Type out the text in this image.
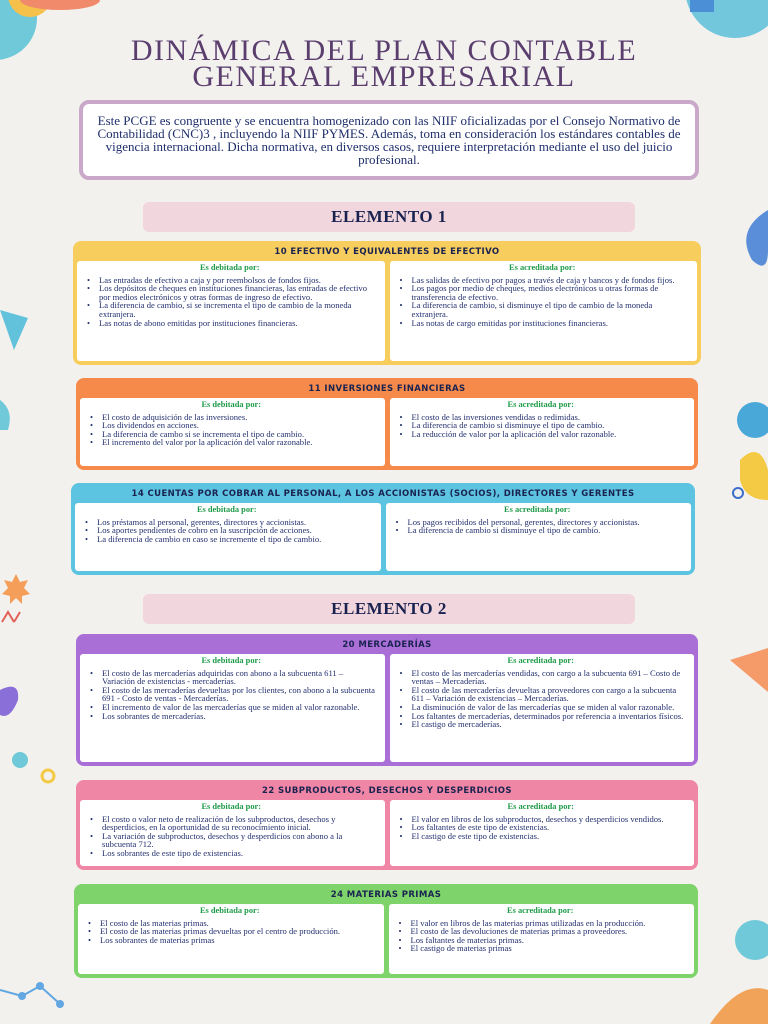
DINÁMICA DEL PLAN CONTABLE
GENERAL EMPRESARIAL

Este PCGE es congruente y se encuentra homogenizado con las NIIF oficializadas por el Consejo Normativo de Contabilidad (CNC)3 , incluyendo la NIIF PYMES. Además, toma en consideración los estándares contables de vigencia internacional. Dicha normativa, en diversos casos, requiere interpretación mediante el uso del juicio profesional.

ELEMENTO 1
ELEMENTO 2
10 EFECTIVO Y EQUIVALENTES DE EFECTIVO
Es debitada por:
• Las entradas de efectivo a caja y por reembolsos de fondos fijos.
• Los depósitos de cheques en instituciones financieras, las entradas de efectivo por medios electrónicos y otras formas de ingreso de efectivo.
• La diferencia de cambio, si se incrementa el tipo de cambio de la moneda extranjera.
• Las notas de abono emitidas por instituciones financieras.
Es acreditada por:
• Las salidas de efectivo por pagos a través de caja y bancos y de fondos fijos.
• Los pagos por medio de cheques, medios electrónicos u otras formas de transferencia de efectivo.
• La diferencia de cambio, si disminuye el tipo de cambio de la moneda extranjera.
• Las notas de cargo emitidas por instituciones financieras.
11 INVERSIONES FINANCIERAS
Es debitada por:
• El costo de adquisición de las inversiones.
• Los dividendos en acciones.
• La diferencia de cambo si se incrementa el tipo de cambio.
• El incremento del valor por la aplicación del valor razonable.
Es acreditada por:
• El costo de las inversiones vendidas o redimidas.
• La diferencia de cambio si disminuye el tipo de cambio.
• La reducción de valor por la aplicación del valor razonable.
14 CUENTAS POR COBRAR AL PERSONAL, A LOS ACCIONISTAS (SOCIOS), DIRECTORES Y GERENTES
Es debitada por:
• Los préstamos al personal, gerentes, directores y accionistas.
• Los aportes pendientes de cobro en la suscripción de acciones.
• La diferencia de cambio en caso se incremente el tipo de cambio.
Es acreditada por:
• Los pagos recibidos del personal, gerentes, directores y accionistas.
• La diferencia de cambio si disminuye el tipo de cambio.
20 MERCADERÍAS
Es debitada por:
• El costo de las mercaderías adquiridas con abono a la subcuenta 611 – Variación de existencias - mercaderías.
• El costo de las mercaderías devueltas por los clientes, con abono a la subcuenta 691 - Costo de ventas - Mercaderías.
• El incremento de valor de las mercaderías que se miden al valor razonable.
• Los sobrantes de mercaderías.
Es acreditada por:
• El costo de las mercaderías vendidas, con cargo a la subcuenta 691 – Costo de ventas – Mercaderías.
• El costo de las mercaderías devueltas a proveedores con cargo a la subcuenta 611 – Variación de existencias – Mercaderías.
• La disminución de valor de las mercaderías que se miden al valor razonable.
• Los faltantes de mercaderías, determinados por referencia a inventarios físicos.
• El castigo de mercaderías.
22 SUBPRODUCTOS, DESECHOS Y DESPERDICIOS
Es debitada por:
• El costo o valor neto de realización de los subproductos, desechos y desperdicios, en la oportunidad de su reconocimiento inicial.
• La variación de subproductos, desechos y desperdicios con abono a la subcuenta 712.
• Los sobrantes de este tipo de existencias.
Es acreditada por:
• El valor en libros de los subproductos, desechos y desperdicios vendidos.
• Los faltantes de este tipo de existencias.
• El castigo de este tipo de existencias.
24 MATERIAS PRIMAS
Es debitada por:
• El costo de las materias primas.
• El costo de las materias primas devueltas por el centro de producción.
• Los sobrantes de materias primas
Es acreditada por:
• El valor en libros de las materias primas utilizadas en la producción.
• El costo de las devoluciones de materias primas a proveedores.
• Los faltantes de materias primas.
• El castigo de materias primas
